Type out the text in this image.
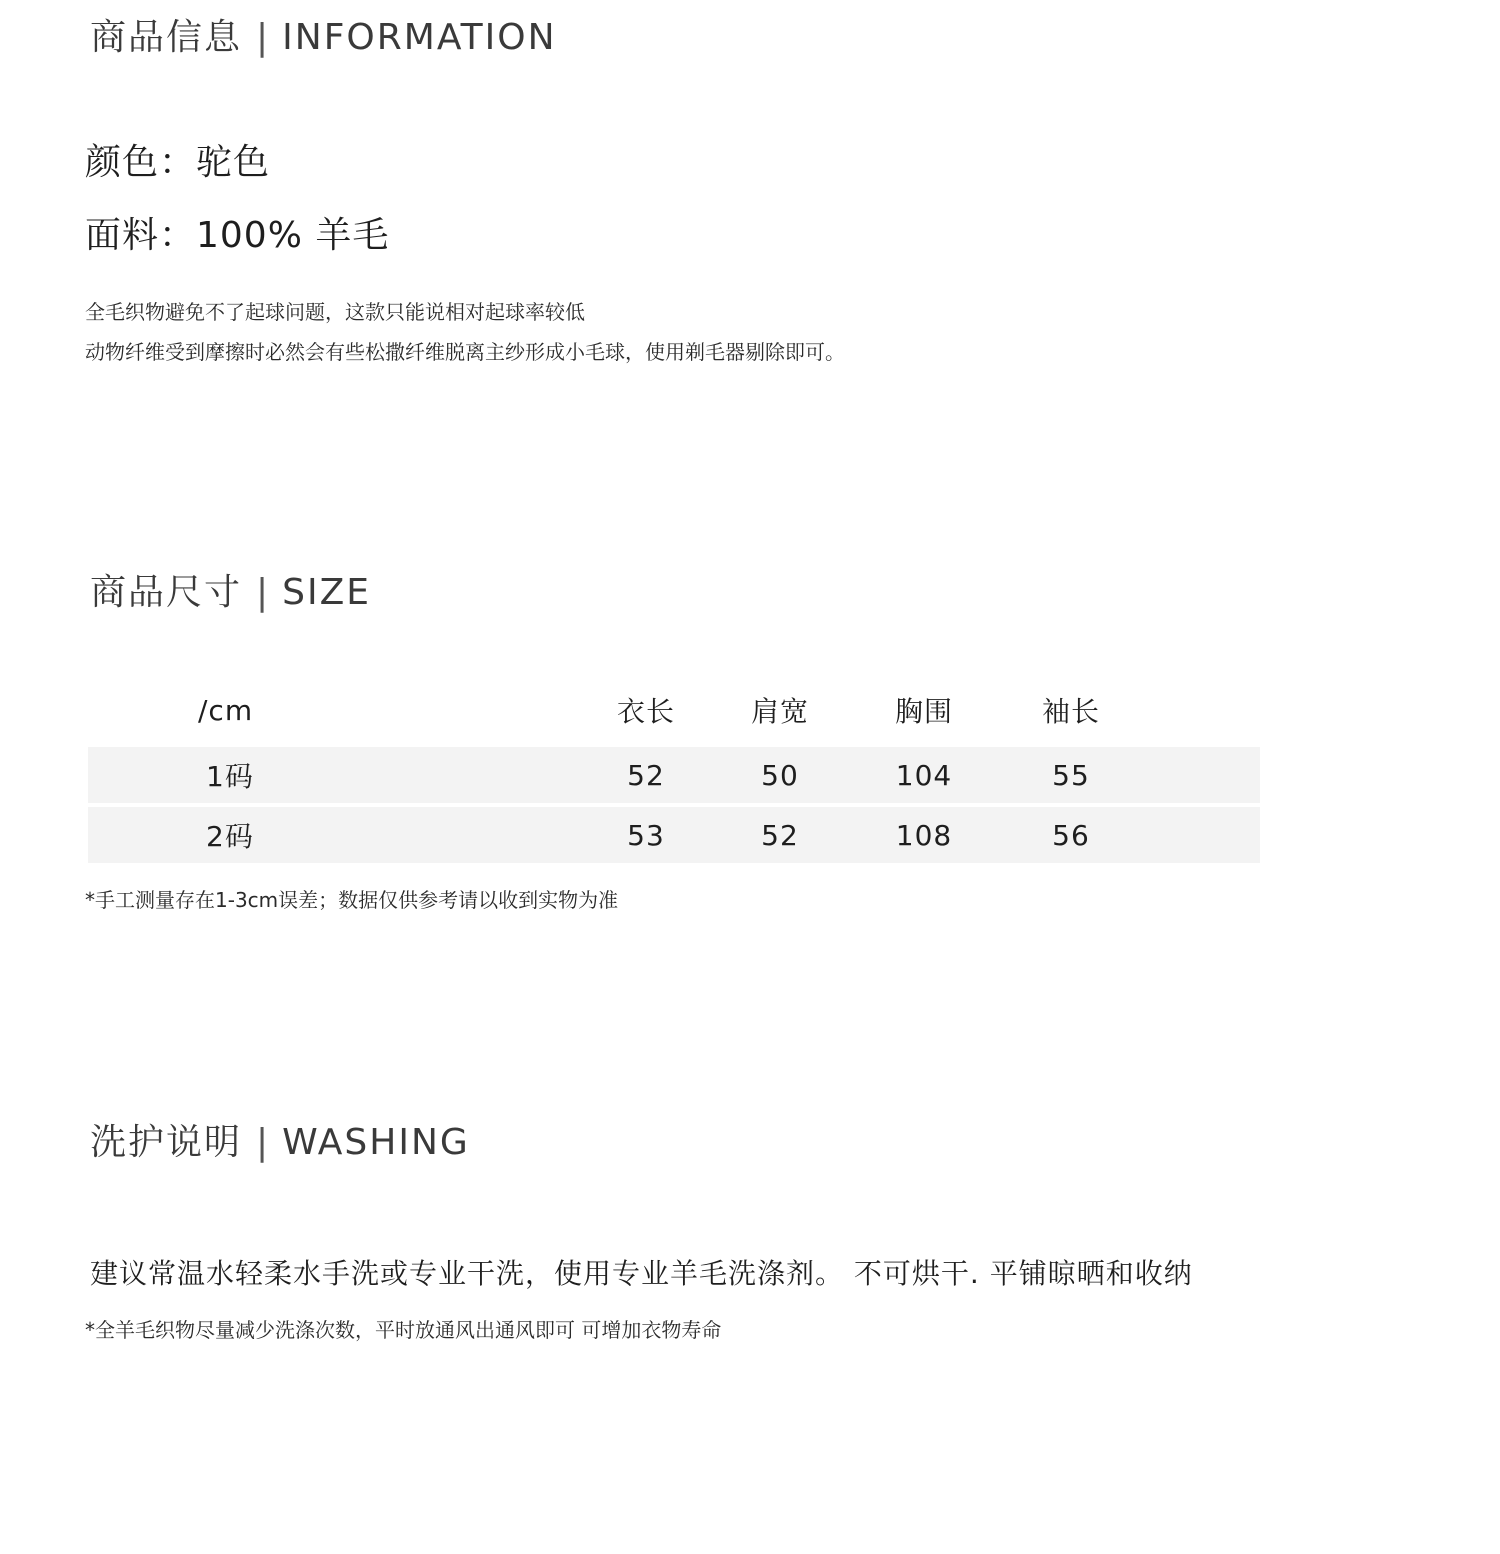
商品信息 | INFORMATION
颜色：驼色
面料：100% 羊毛
全毛织物避免不了起球问题，这款只能说相对起球率较低
动物纤维受到摩擦时必然会有些松撒纤维脱离主纱形成小毛球，使用剃毛器剔除即可。
商品尺寸 | SIZE
/cm	衣长	肩宽	胸围	袖长
1码	52	50	104	55
2码	53	52	108	56
*手工测量存在1-3cm误差；数据仅供参考请以收到实物为准
洗护说明 | WASHING
建议常温水轻柔水手洗或专业干洗，使用专业羊毛洗涤剂。 不可烘干. 平铺晾晒和收纳
*全羊毛织物尽量减少洗涤次数，平时放通风出通风即可 可增加衣物寿命
